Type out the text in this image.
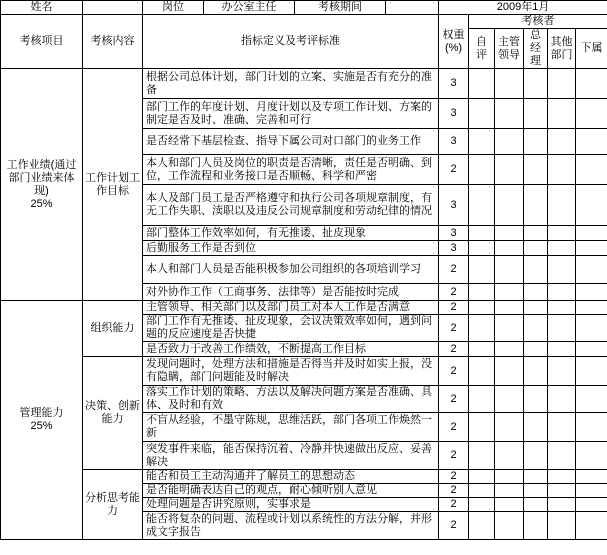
姓名		岗位 办公室主任 考核期间	2009年1月					
考核项目	考核内容	指标定义及考评标准	权重(%)	考核者				
				自评	主管领导	总经理	其他部门	下属

工作业绩(通过部门业绩来体现)
25%	工作计划工作目标	根据公司总体计划，部门计划的立案、实施是否有充分的准备	3					
		部门工作的年度计划、月度计划以及专项工作计划、方案的制定是否及时、准确、完善和可行	3					
		是否经常下基层检查、指导下属公司对口部门的业务工作	3					
		本人和部门人员及岗位的职责是否清晰，责任是否明确、到位，工作流程和业务接口是否顺畅、科学和严密	2					
		本人及部门员工是否严格遵守和执行公司各项规章制度，有无工作失职、渎职以及违反公司规章制度和劳动纪律的情况	3					
		部门整体工作效率如何，有无推诿、扯皮现象	3					
		后勤服务工作是否到位	3					
		本人和部门人员是否能积极参加公司组织的各项培训学习	2					
		对外协作工作（工商事务、法律等）是否能按时完成	2					

管理能力
25%	组织能力	主管领导、相关部门以及部门员工对本人工作是否满意	2					
		部门工作有无推诿、扯皮现象，会议决策效率如何，遇到问题的反应速度是否快捷	2					
		是否致力于改善工作绩效，不断提高工作目标	2					
	决策、创新能力	发现问题时，处理方法和措施是否得当并及时如实上报，没有隐瞒，部门问题能及时解决	2					
		落实工作计划的策略、方法以及解决问题方案是否准确、具体、及时和有效	2					
		不盲从经验，不墨守陈规，思维活跃，部门各项工作焕然一新	2					
		突发事件来临，能否保持沉着、冷静并快速做出反应、妥善解决	2					
	分析思考能力	能否和员工主动沟通并了解员工的思想动态	2					
		是否能明确表达自己的观点，耐心倾听别人意见	2					
		处理问题是否讲究原则，实事求是	2					
		能否将复杂的问题、流程或计划以系统性的方法分解，并形成文字报告	2					
